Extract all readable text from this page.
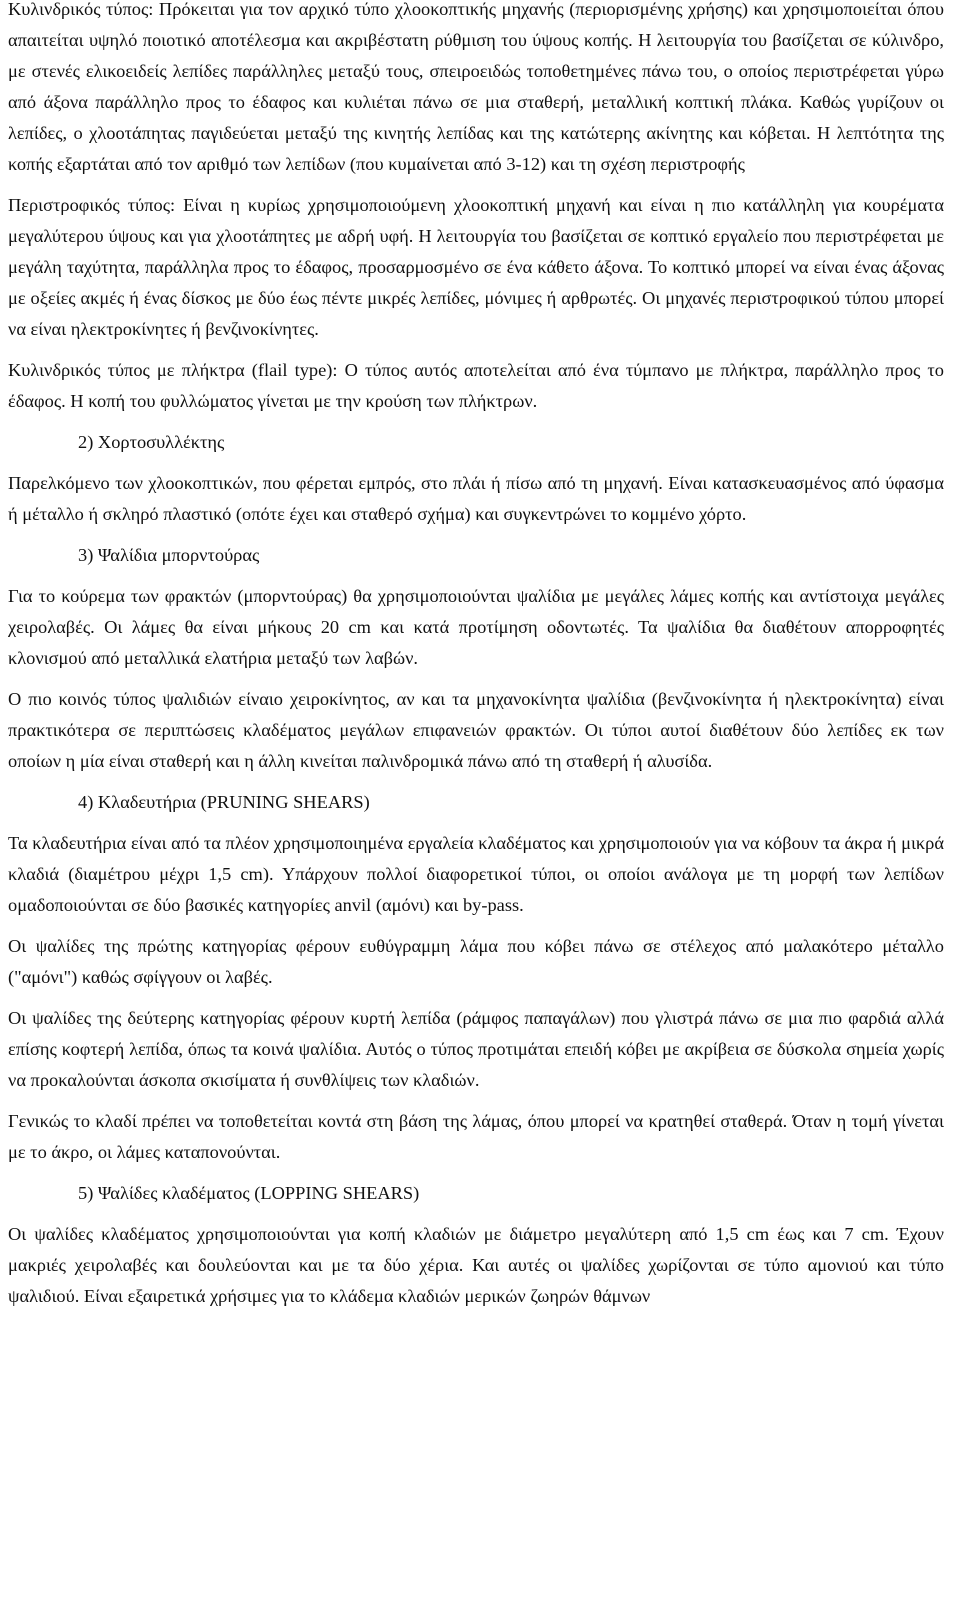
Κυλινδρικός τύπος: Πρόκειται για τον αρχικό τύπο χλοοκοπτικής μηχανής (περιορισμένης χρήσης) και χρησιμοποιείται όπου απαιτείται υψηλό ποιοτικό αποτέλεσμα και ακριβέστατη ρύθμιση του ύψους κοπής. Η λειτουργία του βασίζεται σε κύλινδρο, με στενές ελικοειδείς λεπίδες παράλληλες μεταξύ τους, σπειροειδώς τοποθετημένες πάνω του, ο οποίος περιστρέφεται γύρω από άξονα παράλληλο προς το έδαφος και κυλιέται πάνω σε μια σταθερή, μεταλλική κοπτική πλάκα. Καθώς γυρίζουν οι λεπίδες, ο χλοοτάπητας παγιδεύεται μεταξύ της κινητής λεπίδας και της κατώτερης ακίνητης και κόβεται. Η λεπτότητα της κοπής εξαρτάται από τον αριθμό των λεπίδων (που κυμαίνεται από 3-12) και τη σχέση περιστροφής

Περιστροφικός τύπος: Είναι η κυρίως χρησιμοποιούμενη χλοοκοπτική μηχανή και είναι η πιο κατάλληλη για κουρέματα μεγαλύτερου ύψους και για χλοοτάπητες με αδρή υφή. Η λειτουργία του βασίζεται σε κοπτικό εργαλείο που περιστρέφεται με μεγάλη ταχύτητα, παράλληλα προς το έδαφος, προσαρμοσμένο σε ένα κάθετο άξονα. Το κοπτικό μπορεί να είναι ένας άξονας με οξείες ακμές ή ένας δίσκος με δύο έως πέντε μικρές λεπίδες, μόνιμες ή αρθρωτές. Οι μηχανές περιστροφικού τύπου μπορεί να είναι ηλεκτροκίνητες ή βενζινοκίνητες.

Κυλινδρικός τύπος με πλήκτρα (flail type): Ο τύπος αυτός αποτελείται από ένα τύμπανο με πλήκτρα, παράλληλο προς το έδαφος. Η κοπή του φυλλώματος γίνεται με την κρούση των πλήκτρων.

2) Χορτοσυλλέκτης

Παρελκόμενο των χλοοκοπτικών, που φέρεται εμπρός, στο πλάι ή πίσω από τη μηχανή. Είναι κατασκευασμένος από ύφασμα ή μέταλλο ή σκληρό πλαστικό (οπότε έχει και σταθερό σχήμα) και συγκεντρώνει το κομμένο χόρτο.

3) Ψαλίδια μπορντούρας

Για το κούρεμα των φρακτών (μπορντούρας) θα χρησιμοποιούνται ψαλίδια με μεγάλες λάμες κοπής και αντίστοιχα μεγάλες χειρολαβές. Οι λάμες θα είναι μήκους 20 cm και κατά προτίμηση οδοντωτές. Τα ψαλίδια θα διαθέτουν απορροφητές κλονισμού από μεταλλικά ελατήρια μεταξύ των λαβών.

Ο πιο κοινός τύπος ψαλιδιών είναιο χειροκίνητος, αν και τα μηχανοκίνητα ψαλίδια (βενζινοκίνητα ή ηλεκτροκίνητα) είναι πρακτικότερα σε περιπτώσεις κλαδέματος μεγάλων επιφανειών φρακτών. Οι τύποι αυτοί διαθέτουν δύο λεπίδες εκ των οποίων η μία είναι σταθερή και η άλλη κινείται παλινδρομικά πάνω από τη σταθερή ή αλυσίδα.

4) Κλαδευτήρια (PRUNING SHEARS)

Τα κλαδευτήρια είναι από τα πλέον χρησιμοποιημένα εργαλεία κλαδέματος και χρησιμοποιούν για να κόβουν τα άκρα ή μικρά κλαδιά (διαμέτρου μέχρι 1,5 cm). Υπάρχουν πολλοί διαφορετικοί τύποι, οι οποίοι ανάλογα με τη μορφή των λεπίδων ομαδοποιούνται σε δύο βασικές κατηγορίες anvil (αμόνι) και by-pass.

Οι ψαλίδες της πρώτης κατηγορίας φέρουν ευθύγραμμη λάμα που κόβει πάνω σε στέλεχος από μαλακότερο μέταλλο ("αμόνι") καθώς σφίγγουν οι λαβές.

Οι ψαλίδες της δεύτερης κατηγορίας φέρουν κυρτή λεπίδα (ράμφος παπαγάλων) που γλιστρά πάνω σε μια πιο φαρδιά αλλά επίσης κοφτερή λεπίδα, όπως τα κοινά ψαλίδια. Αυτός ο τύπος προτιμάται επειδή κόβει με ακρίβεια σε δύσκολα σημεία χωρίς να προκαλούνται άσκοπα σκισίματα ή συνθλίψεις των κλαδιών.

Γενικώς το κλαδί πρέπει να τοποθετείται κοντά στη βάση της λάμας, όπου μπορεί να κρατηθεί σταθερά. Όταν η τομή γίνεται με το άκρο, οι λάμες καταπονούνται.

5) Ψαλίδες κλαδέματος (LOPPING SHEARS)

Οι ψαλίδες κλαδέματος χρησιμοποιούνται για κοπή κλαδιών με διάμετρο μεγαλύτερη από 1,5 cm έως και 7 cm. Έχουν μακριές χειρολαβές και δουλεύονται και με τα δύο χέρια. Και αυτές οι ψαλίδες χωρίζονται σε τύπο αμονιού και τύπο ψαλιδιού. Είναι εξαιρετικά χρήσιμες για το κλάδεμα κλαδιών μερικών ζωηρών θάμνων
